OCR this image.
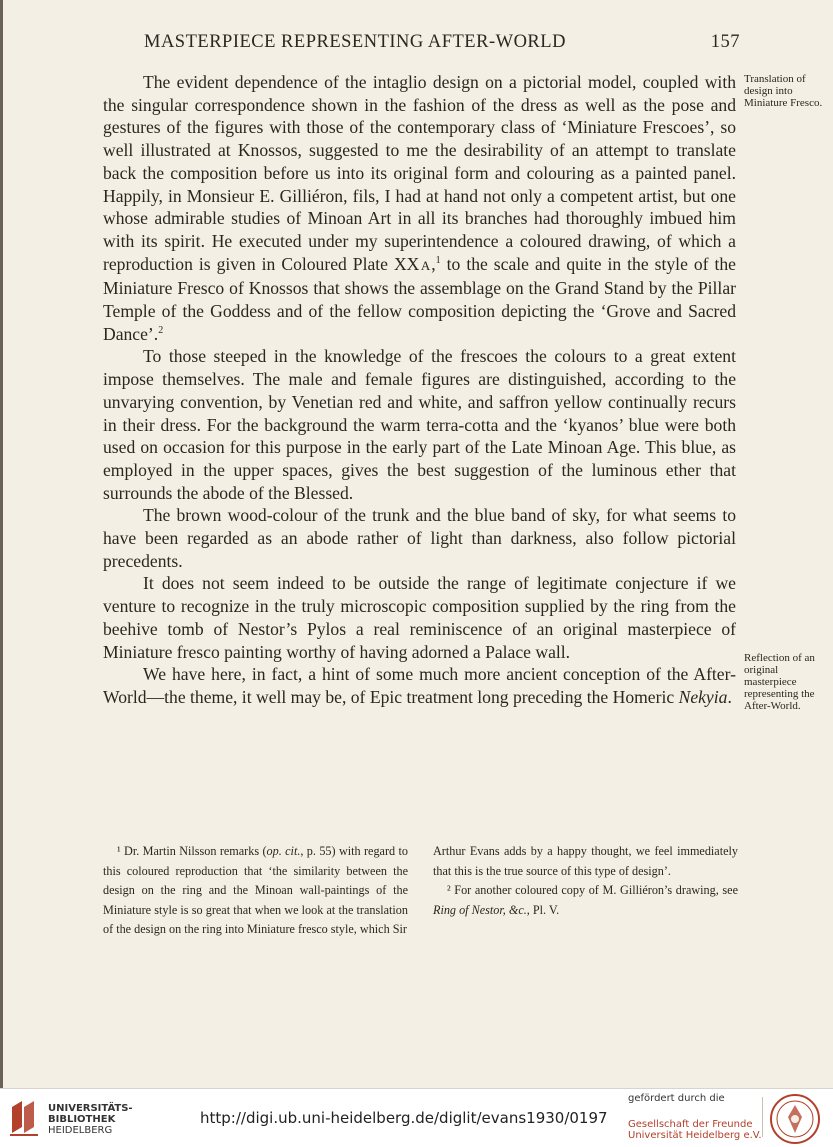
MASTERPIECE REPRESENTING AFTER-WORLD	157

The evident dependence of the intaglio design on a pictorial model, coupled with the singular correspondence shown in the fashion of the dress as well as the pose and gestures of the figures with those of the contemporary class of ‘Miniature Frescoes’, so well illustrated at Knossos, suggested to me the desirability of an attempt to translate back the composition before us into its original form and colouring as a painted panel. Happily, in Monsieur E. Gilliéron, fils, I had at hand not only a competent artist, but one whose admirable studies of Minoan Art in all its branches had thoroughly imbued him with its spirit. He executed under my superintendence a coloured drawing, of which a reproduction is given in Coloured Plate XX A,$^1$ to the scale and quite in the style of the Miniature Fresco of Knossos that shows the assemblage on the Grand Stand by the Pillar Temple of the Goddess and of the fellow composition depicting the ‘Grove and Sacred Dance’.$^2$

To those steeped in the knowledge of the frescoes the colours to a great extent impose themselves. The male and female figures are distinguished, according to the unvarying convention, by Venetian red and white, and saffron yellow continually recurs in their dress. For the background the warm terra-cotta and the ‘kyanos’ blue were both used on occasion for this purpose in the early part of the Late Minoan Age. This blue, as employed in the upper spaces, gives the best suggestion of the luminous ether that surrounds the abode of the Blessed.

The brown wood-colour of the trunk and the blue band of sky, for what seems to have been regarded as an abode rather of light than darkness, also follow pictorial precedents.

It does not seem indeed to be outside the range of legitimate conjecture if we venture to recognize in the truly microscopic composition supplied by the ring from the beehive tomb of Nestor’s Pylos a real reminiscence of an original masterpiece of Miniature fresco painting worthy of having adorned a Palace wall.

We have here, in fact, a hint of some much more ancient conception of the After-World—the theme, it well may be, of Epic treatment long preceding the Homeric Nekyia.

Translation of design into Miniature Fresco.
Reflection of an original masterpiece representing the After-World.

¹ Dr. Martin Nilsson remarks (op. cit., p. 55) with regard to this coloured reproduction that ‘the similarity between the design on the ring and the Minoan wall-paintings of the Miniature style is so great that when we look at the translation of the design on the ring into Miniature fresco style, which Sir

Arthur Evans adds by a happy thought, we feel immediately that this is the true source of this type of design’.

² For another coloured copy of M. Gilliéron’s drawing, see Ring of Nestor, &c., Pl. V.

UNIVERSITÄTS-
BIBLIOTHEK
HEIDELBERG
http://digi.ub.uni-heidelberg.de/diglit/evans1930/0197
gefördert durch die
Gesellschaft der Freunde
Universität Heidelberg e.V.
